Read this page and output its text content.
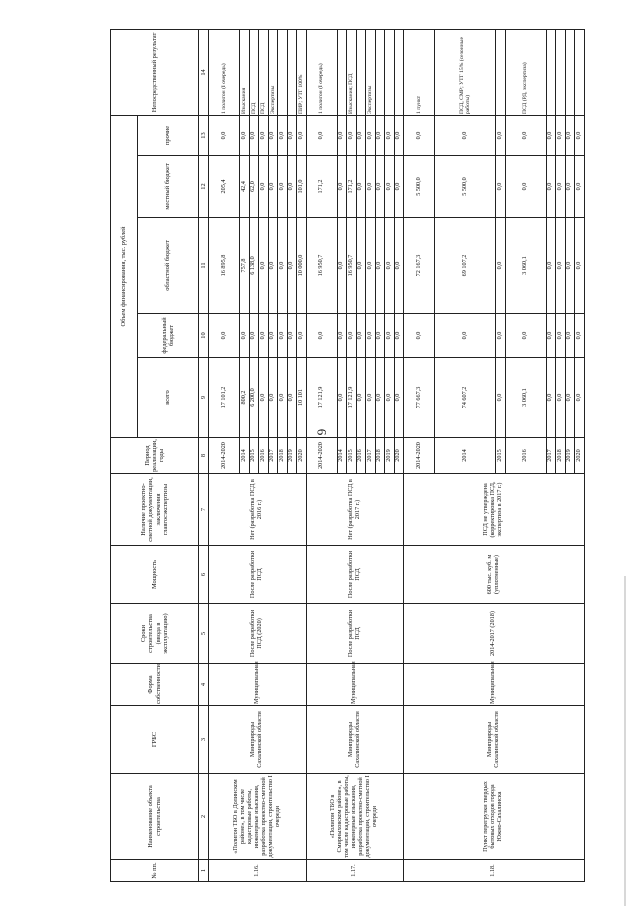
6
№ пп.	Наименование объекта строительства	ГРБС	Форма собственности	Сроки строительства (ввода в эксплуатацию)	Мощность	Наличие проектно-сметной документации, заключения главгосэкспертизы	Период реализации, годы	Объем финансирования, тыс. рублей					Непосредственный результат
								всего	федеральный бюджет	областной бюджет	местный бюджет	прочие	
1	2	3	4	5	6	7	8	9	10	11	12	13	14
1.16.	«Полигон ТБО в Долинском районе», в том числе кадастровые работы, инженерные изыскания, разработка проектно-сметной документации, строительство I очереди	Минприроды Сахалинской области	Муниципальная	После разработки ПСД (2020)	После разработки ПСД	Нет (разработка ПСД в 2016 г.)	2014-2020	17 101,2	0,0	16 895,8	205,4	0,0	1 полигон (I очередь)
							2014	800,2	0,0	757,8	42,4	0,0	Изыскания
							2015	6 200,0	0,0	6 138,0	62,0	0,0	ПСД
							2016	0,0	0,0	0,0	0,0	0,0	ПСД
							2017	0,0	0,0	0,0	0,0	0,0	Экспертизы
							2018	0,0	0,0	0,0	0,0	0,0	
							2019	0,0	0,0	0,0	0,0	0,0	
							2020	10 101	0,0	10 000,0	101,0	0,0	ПИР; УТГ 100%
1.17.	«Полигон ТБО в Смирныховском районе», в том числе кадастровые работы, инженерные изыскания, разработка проектно-сметной документации, строительство I очереди	Минприроды Сахалинской области	Муниципальная	После разработки ПСД	После разработки ПСД	Нет (разработка ПСД в 2017 г.)	2014-2020	17 121,9	0,0	16 950,7	171,2	0,0	1 полигон (I очередь)
							2014	0,0	0,0	0,0	0,0	0,0	
							2015	17 121,9	0,0	16 950,7	171,2	0,0	Изыскания; ПСД
							2016	0,0	0,0	0,0	0,0	0,0	
							2017	0,0	0,0	0,0	0,0	0,0	Экспертизы
							2018	0,0	0,0	0,0	0,0	0,0	
							2019	0,0	0,0	0,0	0,0	0,0	
							2020	0,0	0,0	0,0	0,0	0,0	
1.18.	Пункт перегрузки твердых бытовых отходов города Южно-Сахалинска	Минприроды Сахалинской области	Муниципальная	2014-2017 (2018)	600 тыс. куб. м (уплотненные)	ПСД не утверждена (корректировка ПСД, экспертиза в 2017 г.)	2014-2020	77 667,3	0,0	72 167,3	5 500,0	0,0	1 пункт
							2014	74 607,2	0,0	69 107,2	5 500,0	0,0	ПСД, СМР; УТГ 15% (сезонные работы)
							2015	0,0	0,0	0,0	0,0	0,0	
							2016	3 060,1	0,0	3 060,1	0,0	0,0	ПСД (РД, экспертиза)
							2017	0,0	0,0	0,0	0,0	0,0	
							2018	0,0	0,0	0,0	0,0	0,0	
							2019	0,0	0,0	0,0	0,0	0,0	
							2020	0,0	0,0	0,0	0,0	0,0	
